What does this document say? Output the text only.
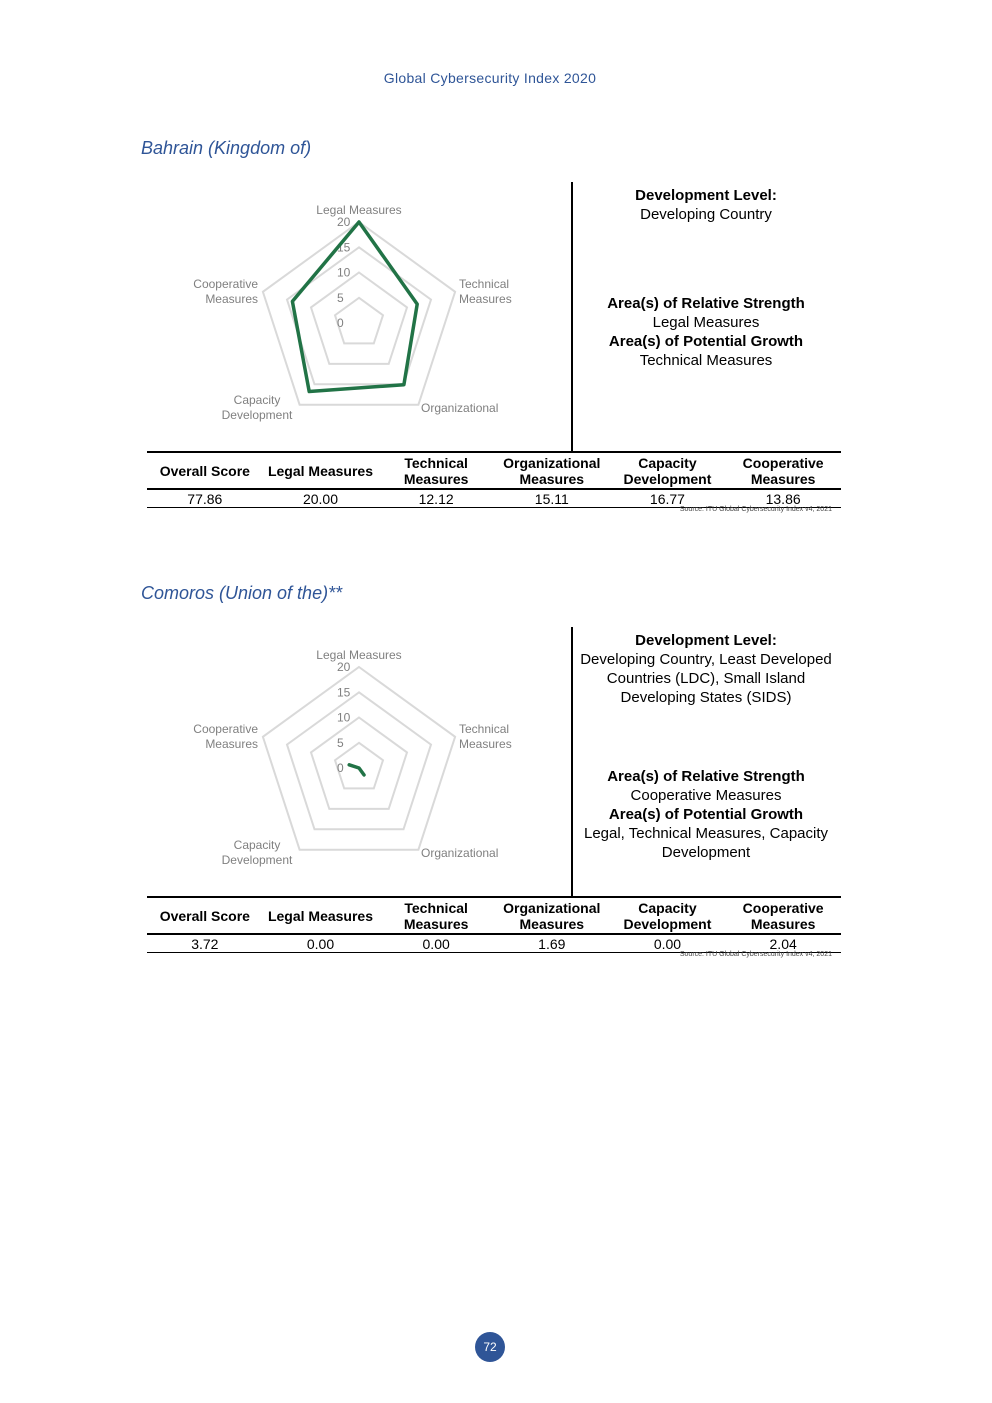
Global Cybersecurity Index 2020
Bahrain (Kingdom of)
0
5
10
15
20
Legal Measures
Technical Measures
Organizational
Capacity Development
Cooperative Measures
Development Level:
Developing Country
Area(s) of Relative Strength
Legal Measures
Area(s) of Potential Growth
Technical Measures
Overall Score	Legal Measures	Technical Measures	Organizational Measures	Capacity Development	Cooperative Measures
77.86	20.00	12.12	15.11	16.77	13.86
Source: ITU Global Cybersecurity Index v4, 2021
Comoros (Union of the)**
0
5
10
15
20
Legal Measures
Technical Measures
Organizational
Capacity Development
Cooperative Measures
Development Level:
Developing Country, Least Developed Countries (LDC), Small Island Developing States (SIDS)
Area(s) of Relative Strength
Cooperative Measures
Area(s) of Potential Growth
Legal, Technical Measures, Capacity Development
Overall Score	Legal Measures	Technical Measures	Organizational Measures	Capacity Development	Cooperative Measures
3.72	0.00	0.00	1.69	0.00	2.04
Source: ITU Global Cybersecurity Index v4, 2021
72
